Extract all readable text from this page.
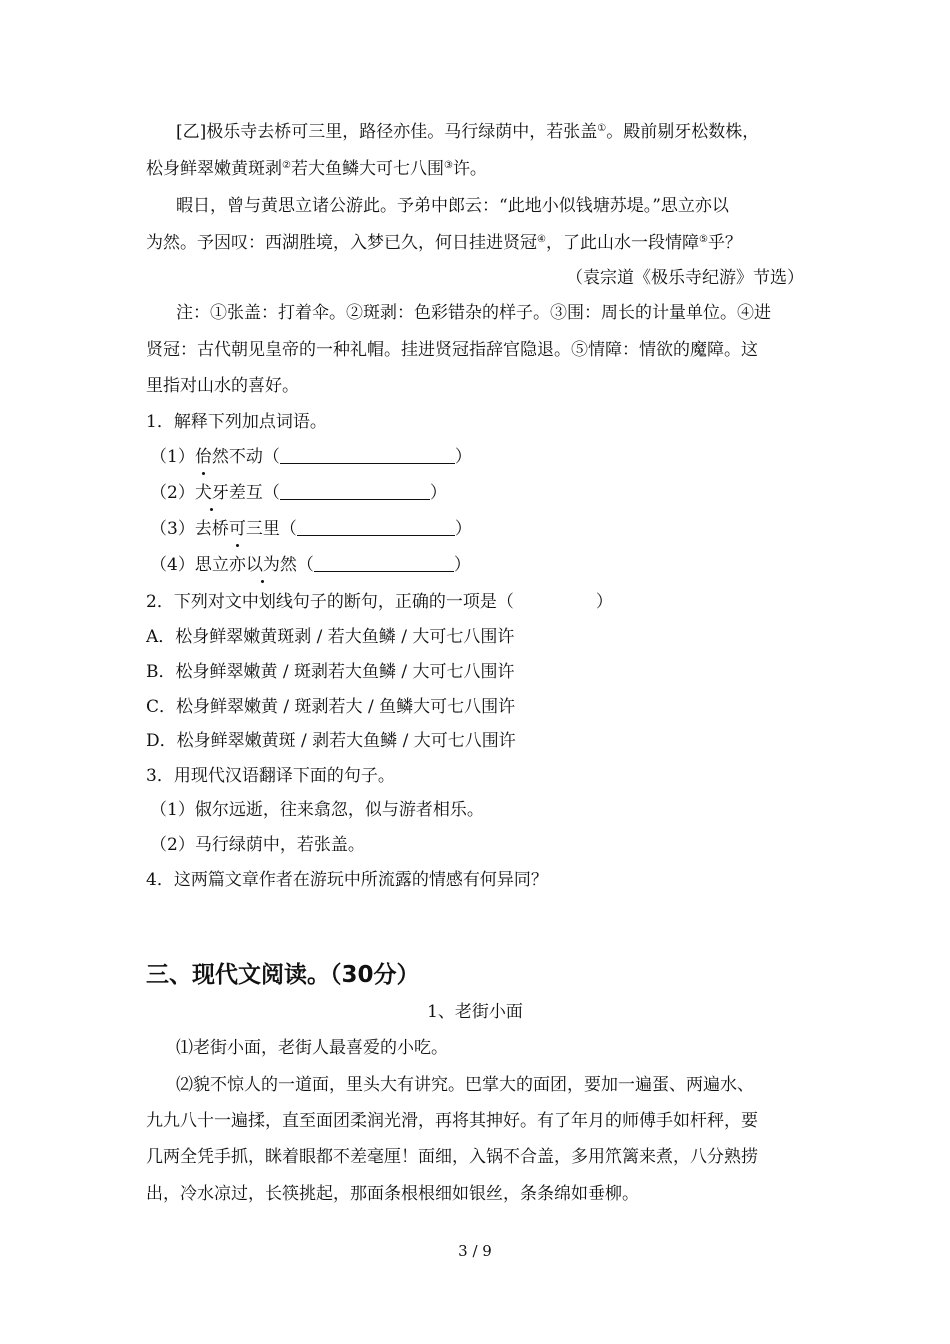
[乙]极乐寺去桥可三里，路径亦佳。马行绿荫中，若张盖①。殿前剔牙松数株，
松身鲜翠嫩黄斑剥②若大鱼鳞大可七八围③许。
暇日，曾与黄思立诸公游此。予弟中郎云：“此地小似钱塘苏堤。”思立亦以
为然。予因叹：西湖胜境，入梦已久，何日挂进贤冠④，了此山水一段情障⑤乎？
（袁宗道《极乐寺纪游》节选）
注：①张盖：打着伞。②斑剥：色彩错杂的样子。③围：周长的计量单位。④进
贤冠：古代朝见皇帝的一种礼帽。挂进贤冠指辞官隐退。⑤情障：情欲的魔障。这
里指对山水的喜好。
1．解释下列加点词语。
（1）佁然不动（	）
（2）犬牙差互（	）
（3）去桥可三里（	）
（4）思立亦以为然（	）
2．下列对文中划线句子的断句，正确的一项是（	）
A．松身鲜翠嫩黄斑剥 / 若大鱼鳞 / 大可七八围许
B．松身鲜翠嫩黄 / 斑剥若大鱼鳞 / 大可七八围许
C．松身鲜翠嫩黄 / 斑剥若大 / 鱼鳞大可七八围许
D．松身鲜翠嫩黄斑 / 剥若大鱼鳞 / 大可七八围许
3．用现代汉语翻译下面的句子。
（1）俶尔远逝，往来翕忽，似与游者相乐。
（2）马行绿荫中，若张盖。
4．这两篇文章作者在游玩中所流露的情感有何异同？
三、现代文阅读。（30分）
1、老街小面
⑴老街小面，老街人最喜爱的小吃。
⑵貌不惊人的一道面，里头大有讲究。巴掌大的面团，要加一遍蛋、两遍水、
九九八十一遍揉，直至面团柔润光滑，再将其抻好。有了年月的师傅手如杆秤，要
几两全凭手抓，眯着眼都不差毫厘！面细，入锅不合盖，多用笊篱来煮，八分熟捞
出，冷水凉过，长筷挑起，那面条根根细如银丝，条条绵如垂柳。
3 / 9
